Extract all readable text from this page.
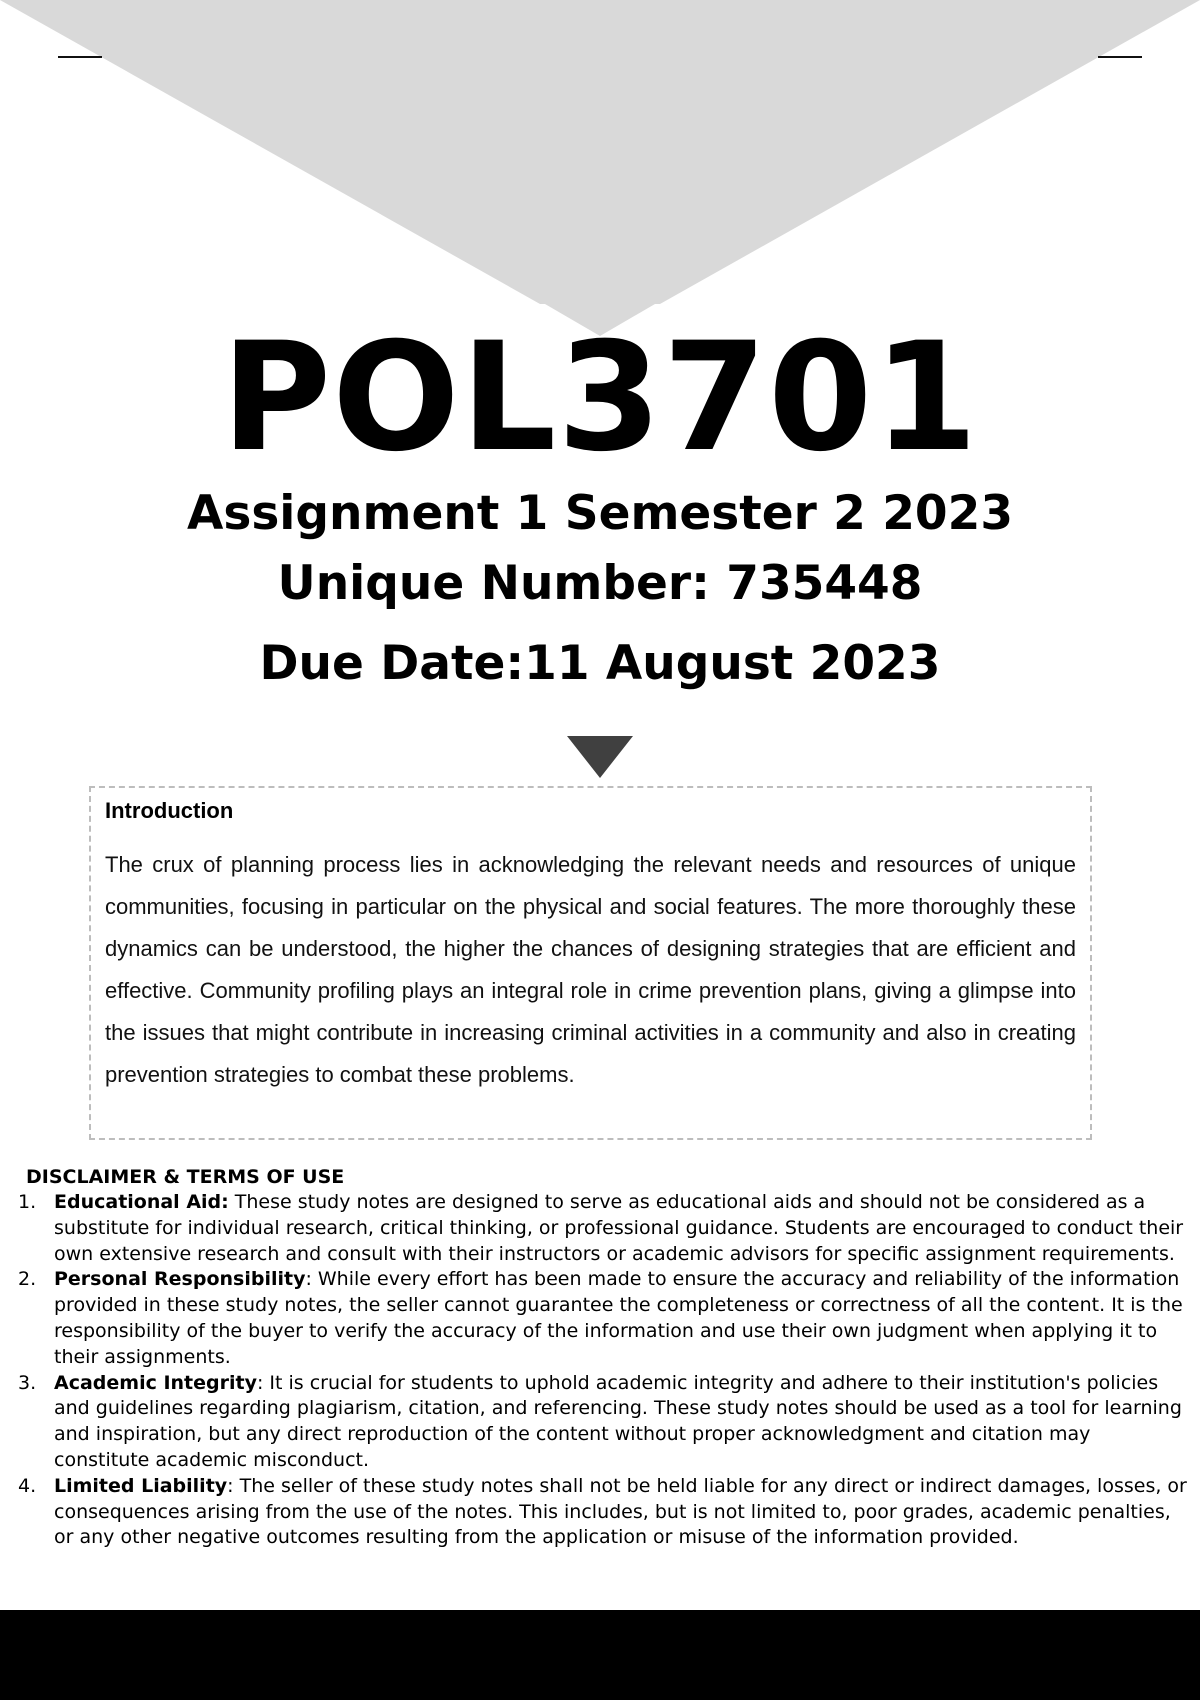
POL3701
Assignment 1 Semester 2 2023
Unique Number: 735448
Due Date:11 August 2023
Introduction

The crux of planning process lies in acknowledging the relevant needs and resources of unique communities, focusing in particular on the physical and social features. The more thoroughly these dynamics can be understood, the higher the chances of designing strategies that are efficient and effective. Community profiling plays an integral role in crime prevention plans, giving a glimpse into the issues that might contribute in increasing criminal activities in a community and also in creating prevention strategies to combat these problems.

DISCLAIMER & TERMS OF USE
1. Educational Aid: These study notes are designed to serve as educational aids and should not be considered as a substitute for individual research, critical thinking, or professional guidance. Students are encouraged to conduct their own extensive research and consult with their instructors or academic advisors for specific assignment requirements.
2. Personal Responsibility: While every effort has been made to ensure the accuracy and reliability of the information provided in these study notes, the seller cannot guarantee the completeness or correctness of all the content. It is the responsibility of the buyer to verify the accuracy of the information and use their own judgment when applying it to their assignments.
3. Academic Integrity: It is crucial for students to uphold academic integrity and adhere to their institution's policies and guidelines regarding plagiarism, citation, and referencing. These study notes should be used as a tool for learning and inspiration, but any direct reproduction of the content without proper acknowledgment and citation may constitute academic misconduct.
4. Limited Liability: The seller of these study notes shall not be held liable for any direct or indirect damages, losses, or consequences arising from the use of the notes. This includes, but is not limited to, poor grades, academic penalties, or any other negative outcomes resulting from the application or misuse of the information provided.
